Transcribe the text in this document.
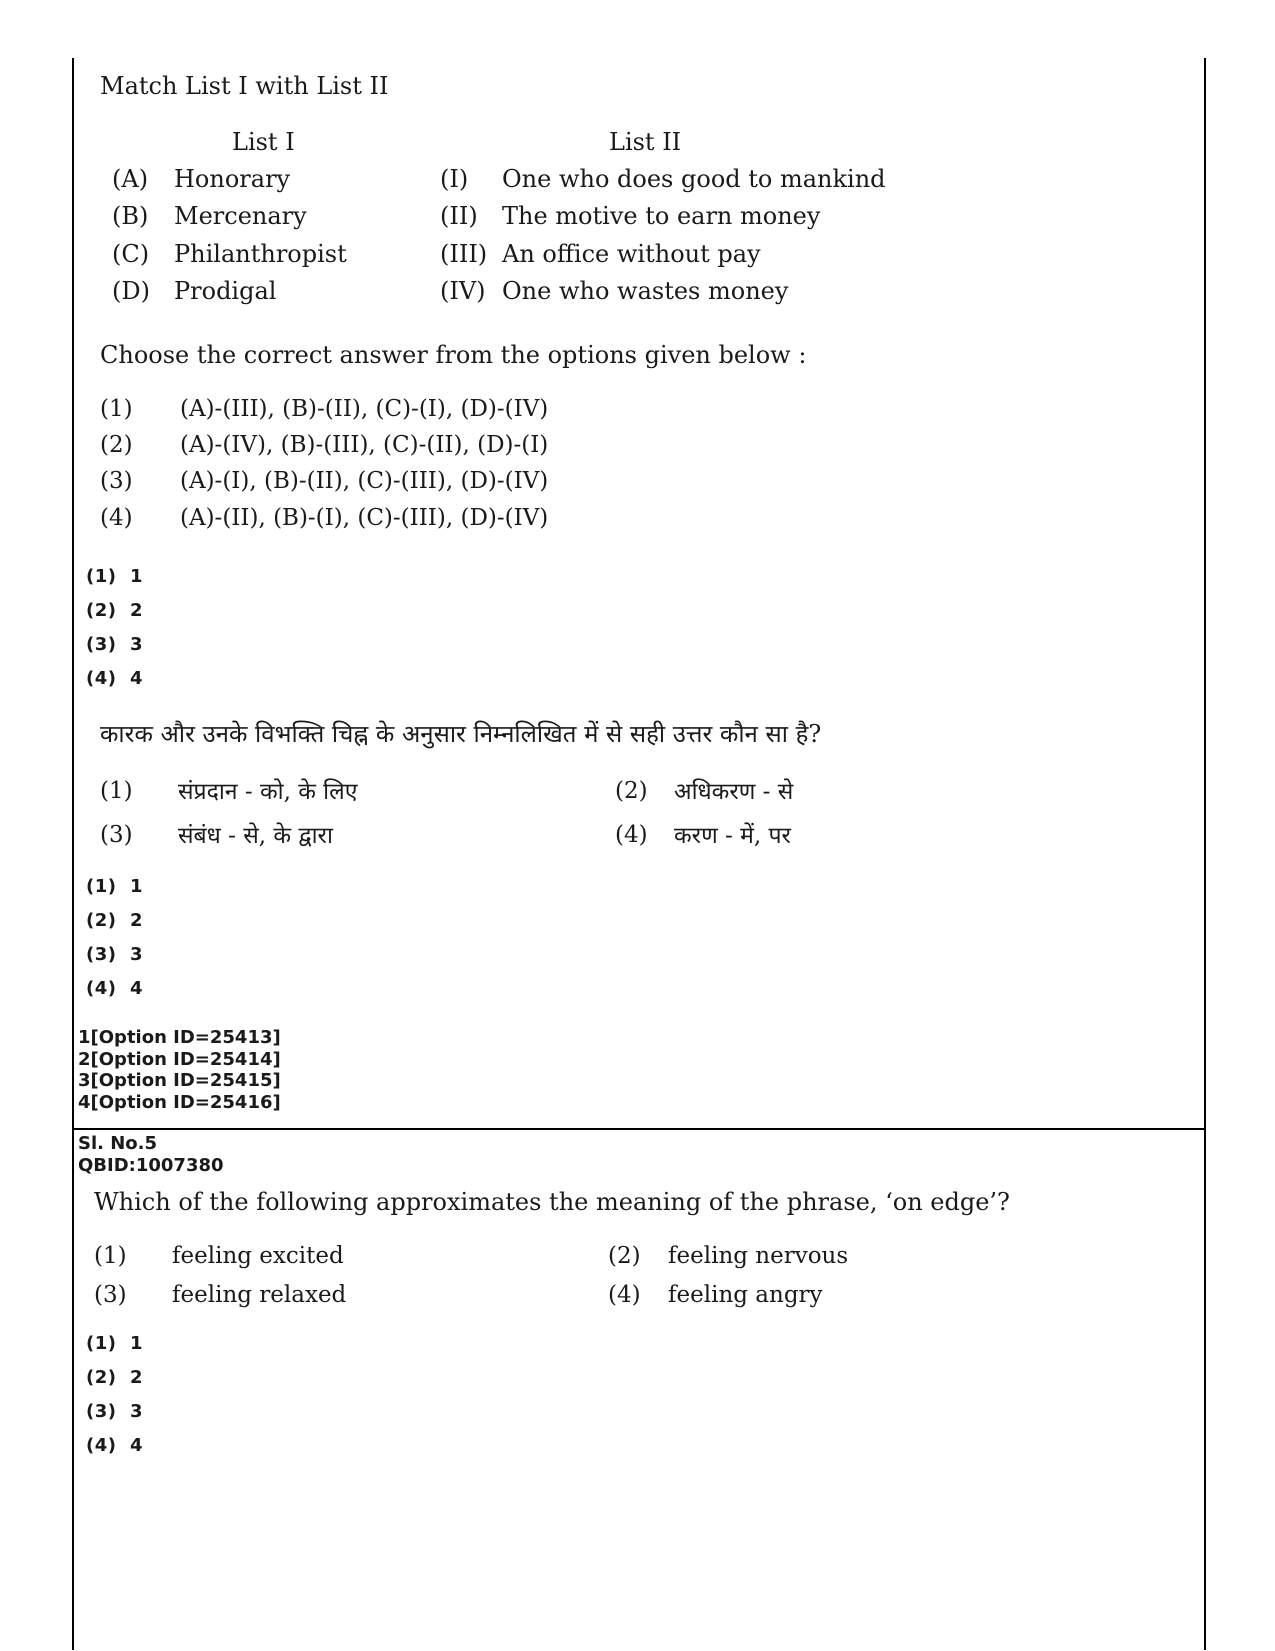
Match List I with List II
List I	List II
(A) Honorary	(I) One who does good to mankind
(B) Mercenary	(II) The motive to earn money
(C) Philanthropist	(III) An office without pay
(D) Prodigal	(IV) One who wastes money
Choose the correct answer from the options given below :
(1) (A)-(III), (B)-(II), (C)-(I), (D)-(IV)
(2) (A)-(IV), (B)-(III), (C)-(II), (D)-(I)
(3) (A)-(I), (B)-(II), (C)-(III), (D)-(IV)
(4) (A)-(II), (B)-(I), (C)-(III), (D)-(IV)
(1)  1
(2)  2
(3)  3
(4)  4
कारक और उनके विभक्ति चिह्न के अनुसार निम्नलिखित में से सही उत्तर कौन सा है?
(1) संप्रदान - को, के लिए	(2) अधिकरण - से
(3) संबंध - से, के द्वारा	(4) करण - में, पर
(1)  1
(2)  2
(3)  3
(4)  4
1[Option ID=25413]
2[Option ID=25414]
3[Option ID=25415]
4[Option ID=25416]
Sl. No.5
QBID:1007380
Which of the following approximates the meaning of the phrase, ‘on edge’?
(1) feeling excited	(2) feeling nervous
(3) feeling relaxed	(4) feeling angry
(1)  1
(2)  2
(3)  3
(4)  4
